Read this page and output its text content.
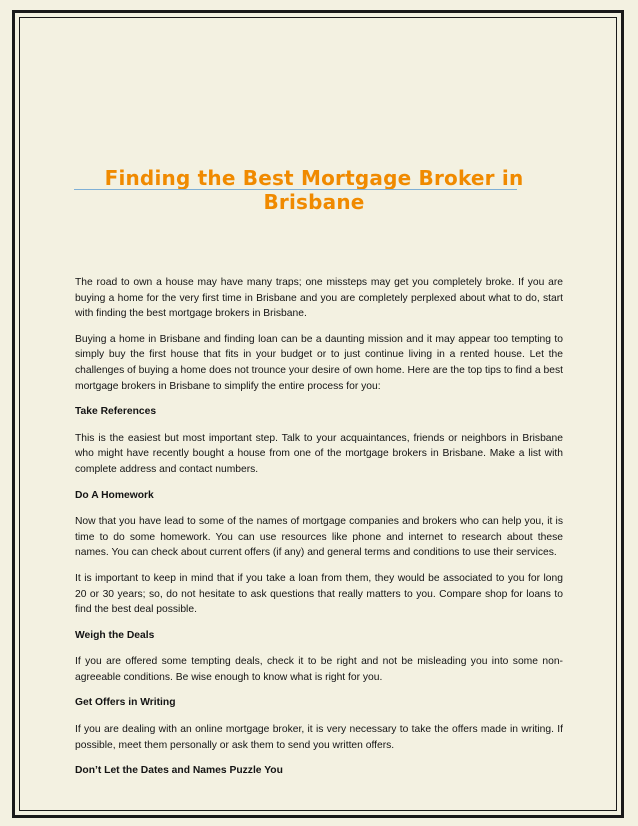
Finding the Best Mortgage Broker in Brisbane

The road to own a house may have many traps; one missteps may get you completely broke. If you are buying a home for the very first time in Brisbane and you are completely perplexed about what to do, start with finding the best mortgage brokers in Brisbane.

Buying a home in Brisbane and finding loan can be a daunting mission and it may appear too tempting to simply buy the first house that fits in your budget or to just continue living in a rented house. Let the challenges of buying a home does not trounce your desire of own home. Here are the top tips to find a best mortgage brokers in Brisbane to simplify the entire process for you:

Take References

This is the easiest but most important step. Talk to your acquaintances, friends or neighbors in Brisbane who might have recently bought a house from one of the mortgage brokers in Brisbane. Make a list with complete address and contact numbers.

Do A Homework

Now that you have lead to some of the names of mortgage companies and brokers who can help you, it is time to do some homework. You can use resources like phone and internet to research about these names. You can check about current offers (if any) and general terms and conditions to use their services.

It is important to keep in mind that if you take a loan from them, they would be associated to you for long 20 or 30 years; so, do not hesitate to ask questions that really matters to you. Compare shop for loans to find the best deal possible.

Weigh the Deals

If you are offered some tempting deals, check it to be right and not be misleading you into some non-agreeable conditions. Be wise enough to know what is right for you.

Get Offers in Writing

If you are dealing with an online mortgage broker, it is very necessary to take the offers made in writing. If possible, meet them personally or ask them to send you written offers.

Don’t Let the Dates and Names Puzzle You
